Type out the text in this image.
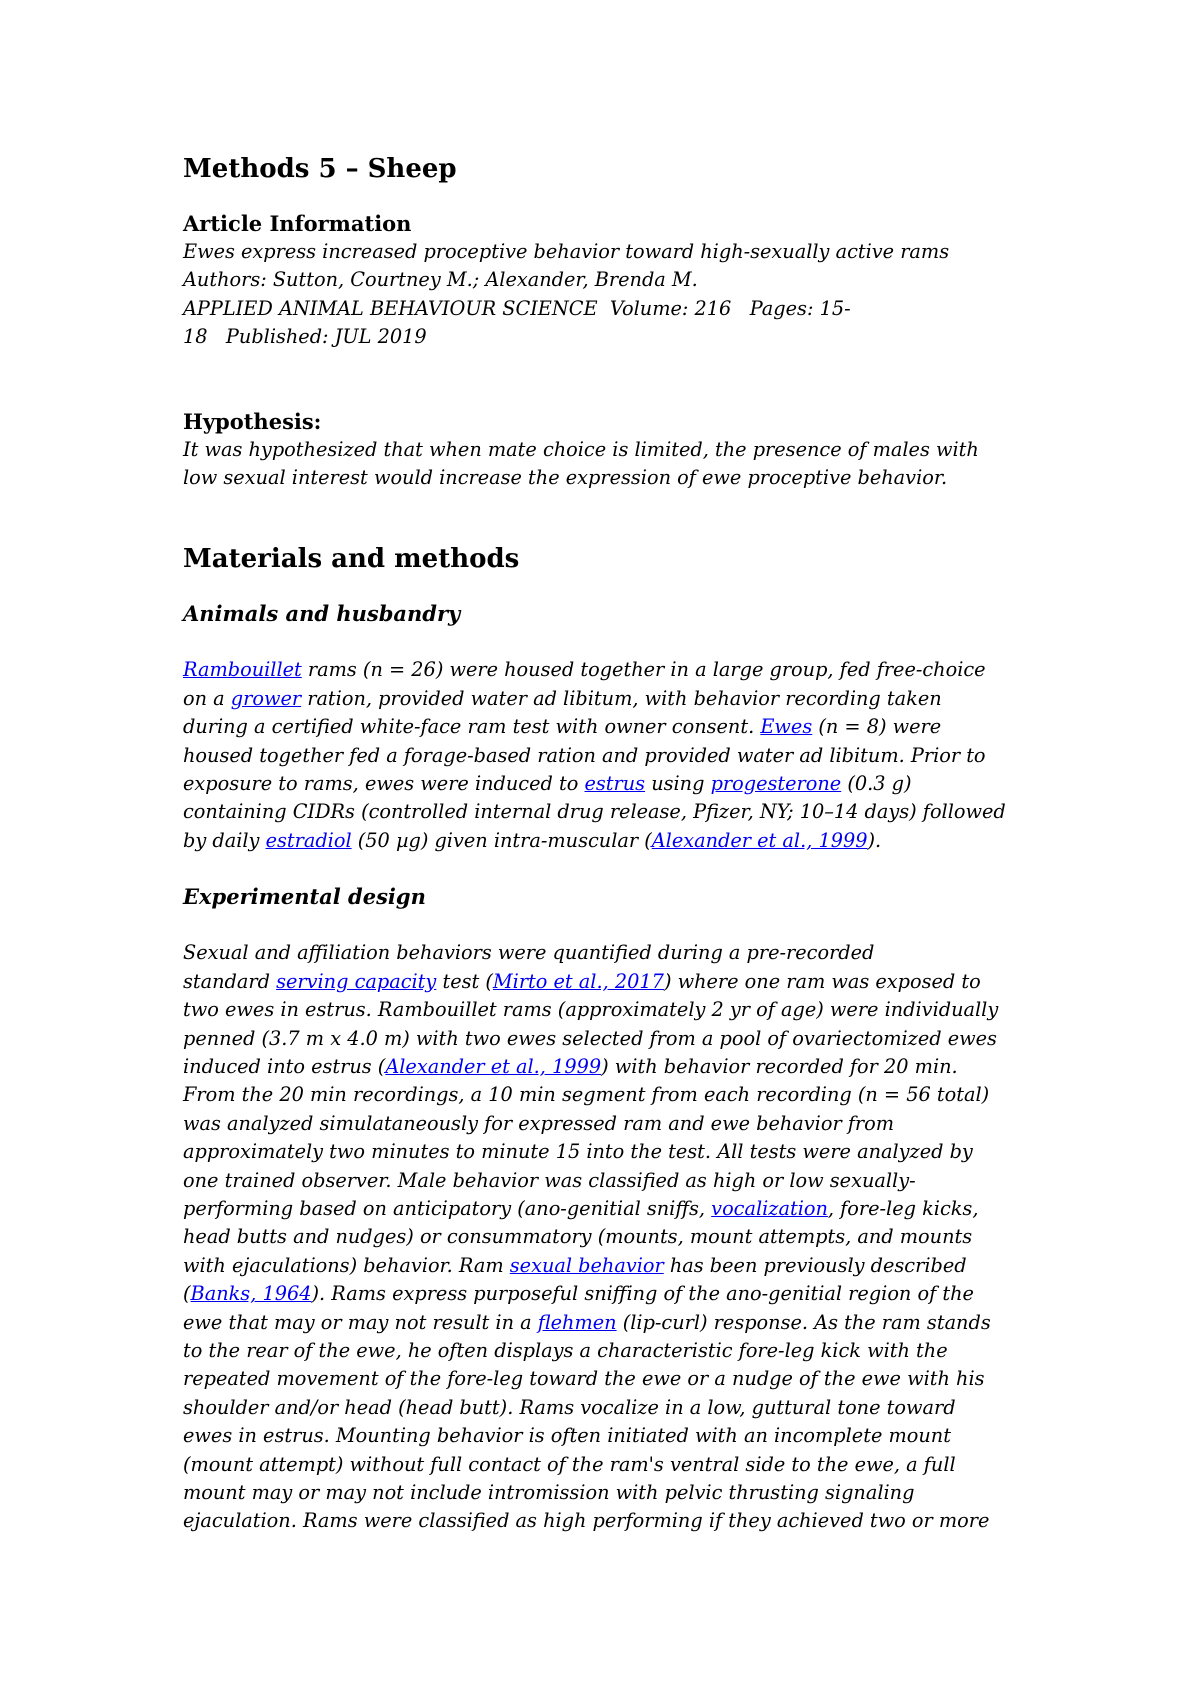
Methods 5 – Sheep
Article Information
Ewes express increased proceptive behavior toward high-sexually active rams
Authors: Sutton, Courtney M.; Alexander, Brenda M.
APPLIED ANIMAL BEHAVIOUR SCIENCE  Volume: 216   Pages: 15-
18   Published: JUL 2019
Hypothesis:
It was hypothesized that when mate choice is limited, the presence of males with
low sexual interest would increase the expression of ewe proceptive behavior.
Materials and methods
Animals and husbandry
Rambouillet rams (n = 26) were housed together in a large group, fed free-choice
on a grower ration, provided water ad libitum, with behavior recording taken
during a certified white-face ram test with owner consent. Ewes (n = 8) were
housed together fed a forage-based ration and provided water ad libitum. Prior to
exposure to rams, ewes were induced to estrus using progesterone (0.3 g)
containing CIDRs (controlled internal drug release, Pfizer, NY; 10–14 days) followed
by daily estradiol (50 µg) given intra-muscular (Alexander et al., 1999).
Experimental design
Sexual and affiliation behaviors were quantified during a pre-recorded
standard serving capacity test (Mirto et al., 2017) where one ram was exposed to
two ewes in estrus. Rambouillet rams (approximately 2 yr of age) were individually
penned (3.7 m x 4.0 m) with two ewes selected from a pool of ovariectomized ewes
induced into estrus (Alexander et al., 1999) with behavior recorded for 20 min.
From the 20 min recordings, a 10 min segment from each recording (n = 56 total)
was analyzed simulataneously for expressed ram and ewe behavior from
approximately two minutes to minute 15 into the test. All tests were analyzed by
one trained observer. Male behavior was classified as high or low sexually-
performing based on anticipatory (ano-genitial sniffs, vocalization, fore-leg kicks,
head butts and nudges) or consummatory (mounts, mount attempts, and mounts
with ejaculations) behavior. Ram sexual behavior has been previously described
(Banks, 1964). Rams express purposeful sniffing of the ano-genitial region of the
ewe that may or may not result in a flehmen (lip-curl) response. As the ram stands
to the rear of the ewe, he often displays a characteristic fore-leg kick with the
repeated movement of the fore-leg toward the ewe or a nudge of the ewe with his
shoulder and/or head (head butt). Rams vocalize in a low, guttural tone toward
ewes in estrus. Mounting behavior is often initiated with an incomplete mount
(mount attempt) without full contact of the ram's ventral side to the ewe, a full
mount may or may not include intromission with pelvic thrusting signaling
ejaculation. Rams were classified as high performing if they achieved two or more
